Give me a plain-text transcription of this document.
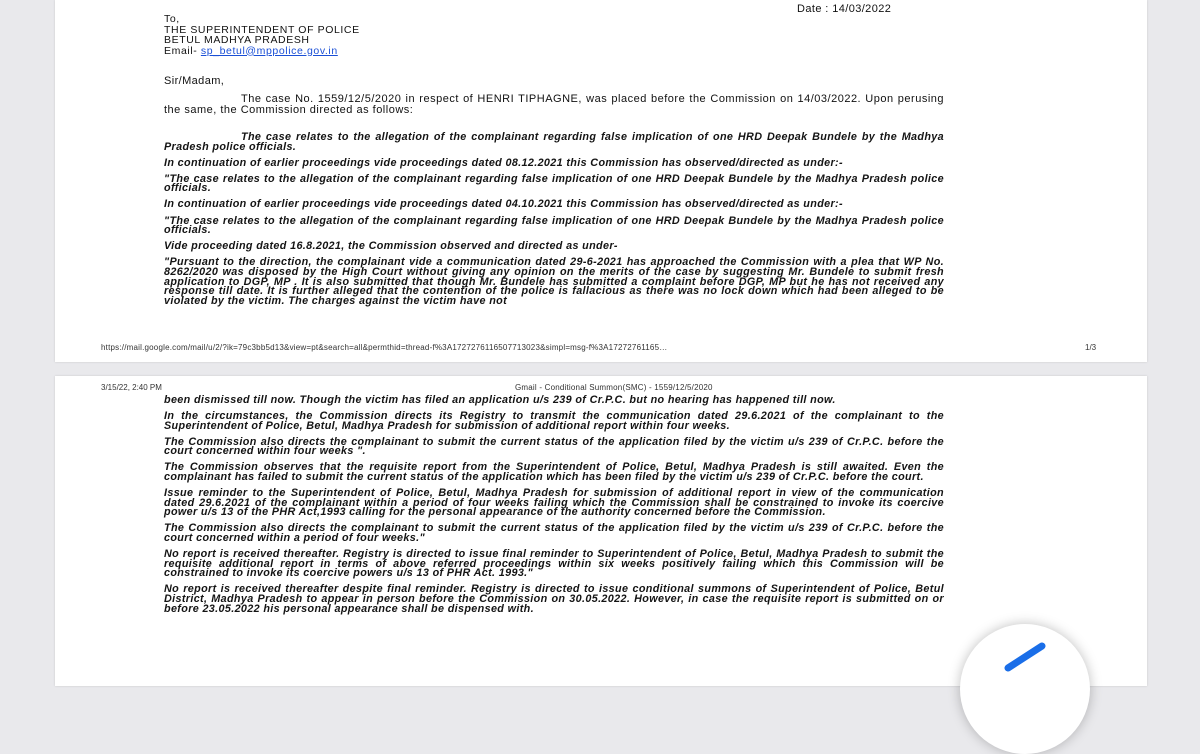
Date : 14/03/2022
To,
THE SUPERINTENDENT OF POLICE
BETUL MADHYA PRADESH
Email- sp_betul@mppolice.gov.in
Sir/Madam,
The case No. 1559/12/5/2020 in respect of HENRI TIPHAGNE, was placed before the Commission on 14/03/2022. Upon perusing the same, the Commission directed as follows:

The case relates to the allegation of the complainant regarding false implication of one HRD Deepak Bundele by the Madhya Pradesh police officials.

In continuation of earlier proceedings vide proceedings dated 08.12.2021 this Commission has observed/directed as under:-

"The case relates to the allegation of the complainant regarding false implication of one HRD Deepak Bundele by the Madhya Pradesh police officials.

In continuation of earlier proceedings vide proceedings dated 04.10.2021 this Commission has observed/directed as under:-

"The case relates to the allegation of the complainant regarding false implication of one HRD Deepak Bundele by the Madhya Pradesh police officials.

Vide proceeding dated 16.8.2021, the Commission observed and directed as under-

"Pursuant to the direction, the complainant vide a communication dated 29-6-2021 has approached the Commission with a plea that WP No. 8262/2020 was disposed by the High Court without giving any opinion on the merits of the case by suggesting Mr. Bundele to submit fresh application to DGP, MP . It is also submitted that though Mr. Bundele has submitted a complaint before DGP, MP but he has not received any response till date. It is further alleged that the contention of the police is fallacious as there was no lock down which had been alleged to be violated by the victim. The charges against the victim have not

https://mail.google.com/mail/u/2/?ik=79c3bb5d13&view=pt&search=all&permthid=thread-f%3A1727276116507713023&simpl=msg-f%3A17272761165…	1/3
3/15/22, 2:40 PM	Gmail - Conditional Summon(SMC) - 1559/12/5/2020

been dismissed till now. Though the victim has filed an application u/s 239 of Cr.P.C. but no hearing has happened till now.

In the circumstances, the Commission directs its Registry to transmit the communication dated 29.6.2021 of the complainant to the Superintendent of Police, Betul, Madhya Pradesh for submission of additional report within four weeks.

The Commission also directs the complainant to submit the current status of the application filed by the victim u/s 239 of Cr.P.C. before the court concerned within four weeks ".

The Commission observes that the requisite report from the Superintendent of Police, Betul, Madhya Pradesh is still awaited. Even the complainant has failed to submit the current status of the application which has been filed by the victim u/s 239 of Cr.P.C. before the court.

Issue reminder to the Superintendent of Police, Betul, Madhya Pradesh for submission of additional report in view of the communication dated 29.6.2021 of the complainant within a period of four weeks failing which the Commission shall be constrained to invoke its coercive power u/s 13 of the PHR Act,1993 calling for the personal appearance of the authority concerned before the Commission.

The Commission also directs the complainant to submit the current status of the application filed by the victim u/s 239 of Cr.P.C. before the court concerned within a period of four weeks."

No report is received thereafter. Registry is directed to issue final reminder to Superintendent of Police, Betul, Madhya Pradesh to submit the requisite additional report in terms of above referred proceedings within six weeks positively failing which this Commission will be constrained to invoke its coercive powers u/s 13 of PHR Act. 1993."

No report is received thereafter despite final reminder. Registry is directed to issue conditional summons of Superintendent of Police, Betul District, Madhya Pradesh to appear in person before the Commission on 30.05.2022. However, in case the requisite report is submitted on or before 23.05.2022 his personal appearance shall be dispensed with.
